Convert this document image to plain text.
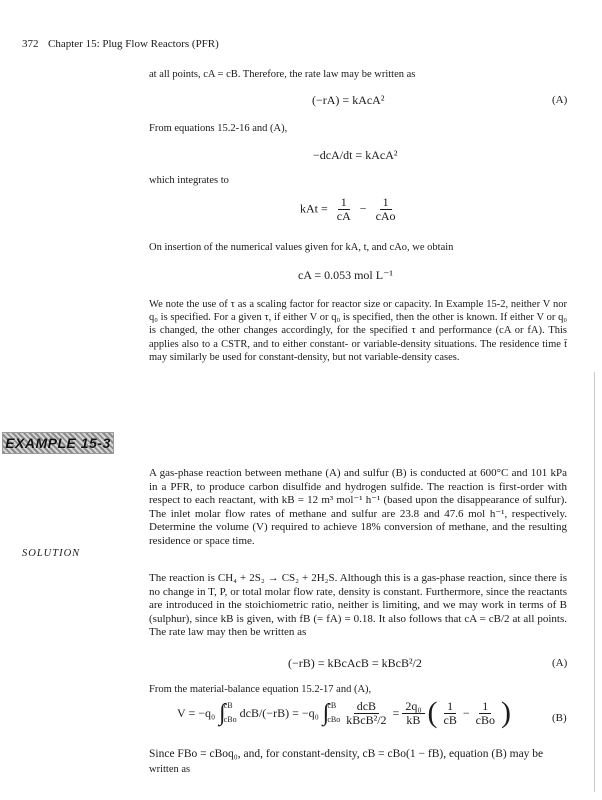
372 Chapter 15: Plug Flow Reactors (PFR)
at all points, cA = cB. Therefore, the rate law may be written as
(−rA) = kAcA²	(A)
From equations 15.2-16 and (A),
−dcA/dt = kAcA²
which integrates to
kAt = $\frac{1}{cA} - \frac{1}{\text{cAo}}$
On insertion of the numerical values given for kA, t, and cAo, we obtain
cA = 0.053 mol L⁻¹
We note the use of τ as a scaling factor for reactor size or capacity. In Example 15-2, neither V nor q₀ is specified. For a given τ, if either V or q₀ is specified, then the other is known. If either V or q₀ is changed, the other changes accordingly, for the specified τ and performance (cA or fA). This applies also to a CSTR, and to either constant- or variable-density situations. The residence time t̄ may similarly be used for constant-density, but not variable-density cases.
EXAMPLE 15-3
A gas-phase reaction between methane (A) and sulfur (B) is conducted at 600°C and 101 kPa in a PFR, to produce carbon disulfide and hydrogen sulfide. The reaction is first-order with respect to each reactant, with kB = 12 m³ mol⁻¹ h⁻¹ (based upon the disappearance of sulfur). The inlet molar flow rates of methane and sulfur are 23.8 and 47.6 mol h⁻¹, respectively. Determine the volume (V) required to achieve 18% conversion of methane, and the resulting residence or space time.
SOLUTION
The reaction is CH₄ + 2S₂ → CS₂ + 2H₂S. Although this is a gas-phase reaction, since there is no change in T, P, or total molar flow rate, density is constant. Furthermore, since the reactants are introduced in the stoichiometric ratio, neither is limiting, and we may work in terms of B (sulphur), since kB is given, with fB (= fA) = 0.18. It also follows that cA = cB/2 at all points. The rate law may then be written as
(−rB) = kBcAcB = kBcB²/2	(A)
From the material-balance equation 15.2-17 and (A),
V = −q₀ ∫
cB
cBo dcB/(−rB) = −q₀ ∫
cB
cBo $\frac{\text{dcB}}{\text{kBcB²/2}} = \frac{\text{2q₀}}{kB}$ ( $\frac{1}{cB} - \frac{1}{\text{cBo}}$ )	(B)
Since FBo = cBoq₀, and, for constant-density, cB = cBo(1 − fB), equation (B) may be
written as
